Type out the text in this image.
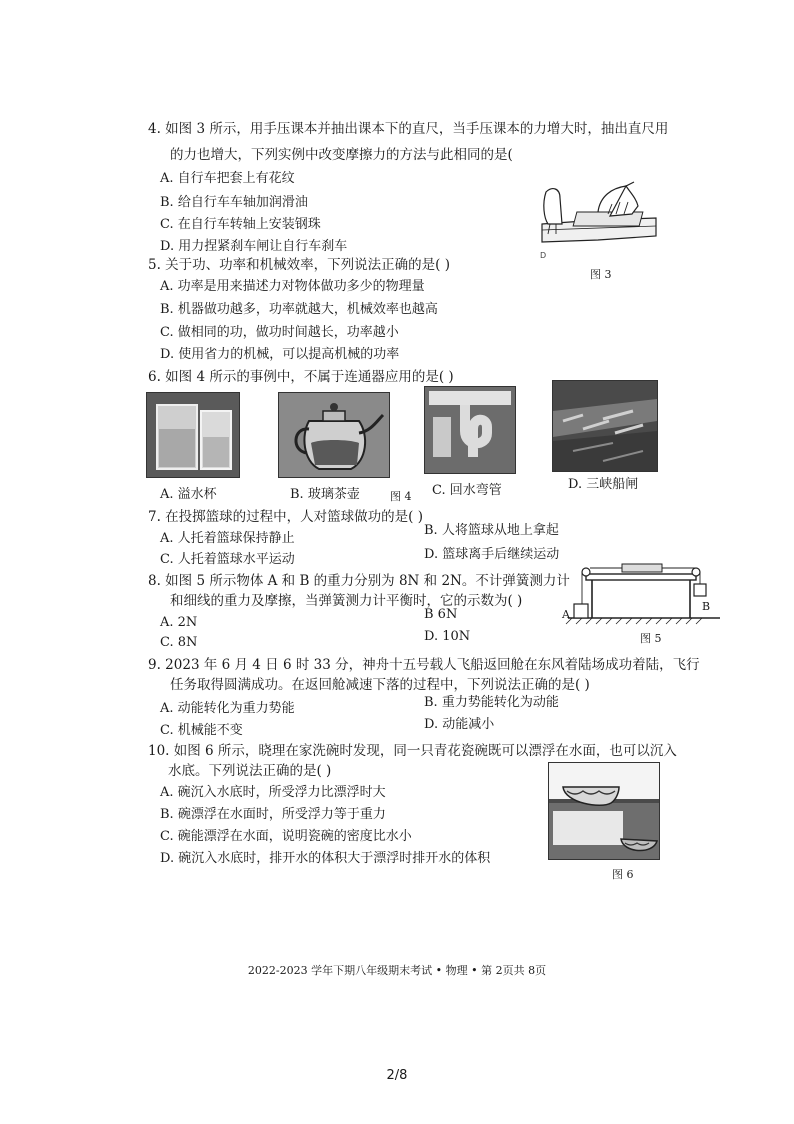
4. 如图 3 所示，用手压课本并抽出课本下的直尺，当手压课本的力增大时，抽出直尺用
的力也增大，下列实例中改变摩擦力的方法与此相同的是(
A. 自行车把套上有花纹
B. 给自行车车轴加润滑油
C. 在自行车转轴上安装钢珠
D. 用力捏紧刹车闸让自行车刹车
D
图 3
5. 关于功、功率和机械效率，下列说法正确的是( )
A. 功率是用来描述力对物体做功多少的物理量
B. 机器做功越多，功率就越大，机械效率也越高
C. 做相同的功，做功时间越长，功率越小
D. 使用省力的机械，可以提高机械的功率
6. 如图 4 所示的事例中，不属于连通器应用的是( )
A. 溢水杯	B. 玻璃茶壶	图 4 C. 回水弯管	D. 三峡船闸
7. 在投掷篮球的过程中，人对篮球做功的是( )
A. 人托着篮球保持静止
B. 人将篮球从地上拿起
C. 人托着篮球水平运动	D. 篮球离手后继续运动
8. 如图 5 所示物体 A 和 B 的重力分别为 8N 和 2N。不计弹簧测力计
和细线的重力及摩擦，当弹簧测力计平衡时，它的示数为( )
A. 2N
B 6N
C. 8N	D. 10N
A
B
图 5
9. 2023 年 6 月 4 日 6 时 33 分，神舟十五号载人飞船返回舱在东风着陆场成功着陆，飞行
任务取得圆满成功。在返回舱减速下落的过程中，下列说法正确的是( )
A. 动能转化为重力势能	B. 重力势能转化为动能
C. 机械能不变	D. 动能减小
10. 如图 6 所示，晓理在家洗碗时发现，同一只青花瓷碗既可以漂浮在水面，也可以沉入
水底。下列说法正确的是( )
A. 碗沉入水底时，所受浮力比漂浮时大
B. 碗漂浮在水面时，所受浮力等于重力
C. 碗能漂浮在水面，说明瓷碗的密度比水小
D. 碗沉入水底时，排开水的体积大于漂浮时排开水的体积
图 6
2022-2023 学年下期八年级期末考试 • 物理 • 第 2页共 8页
2/8
